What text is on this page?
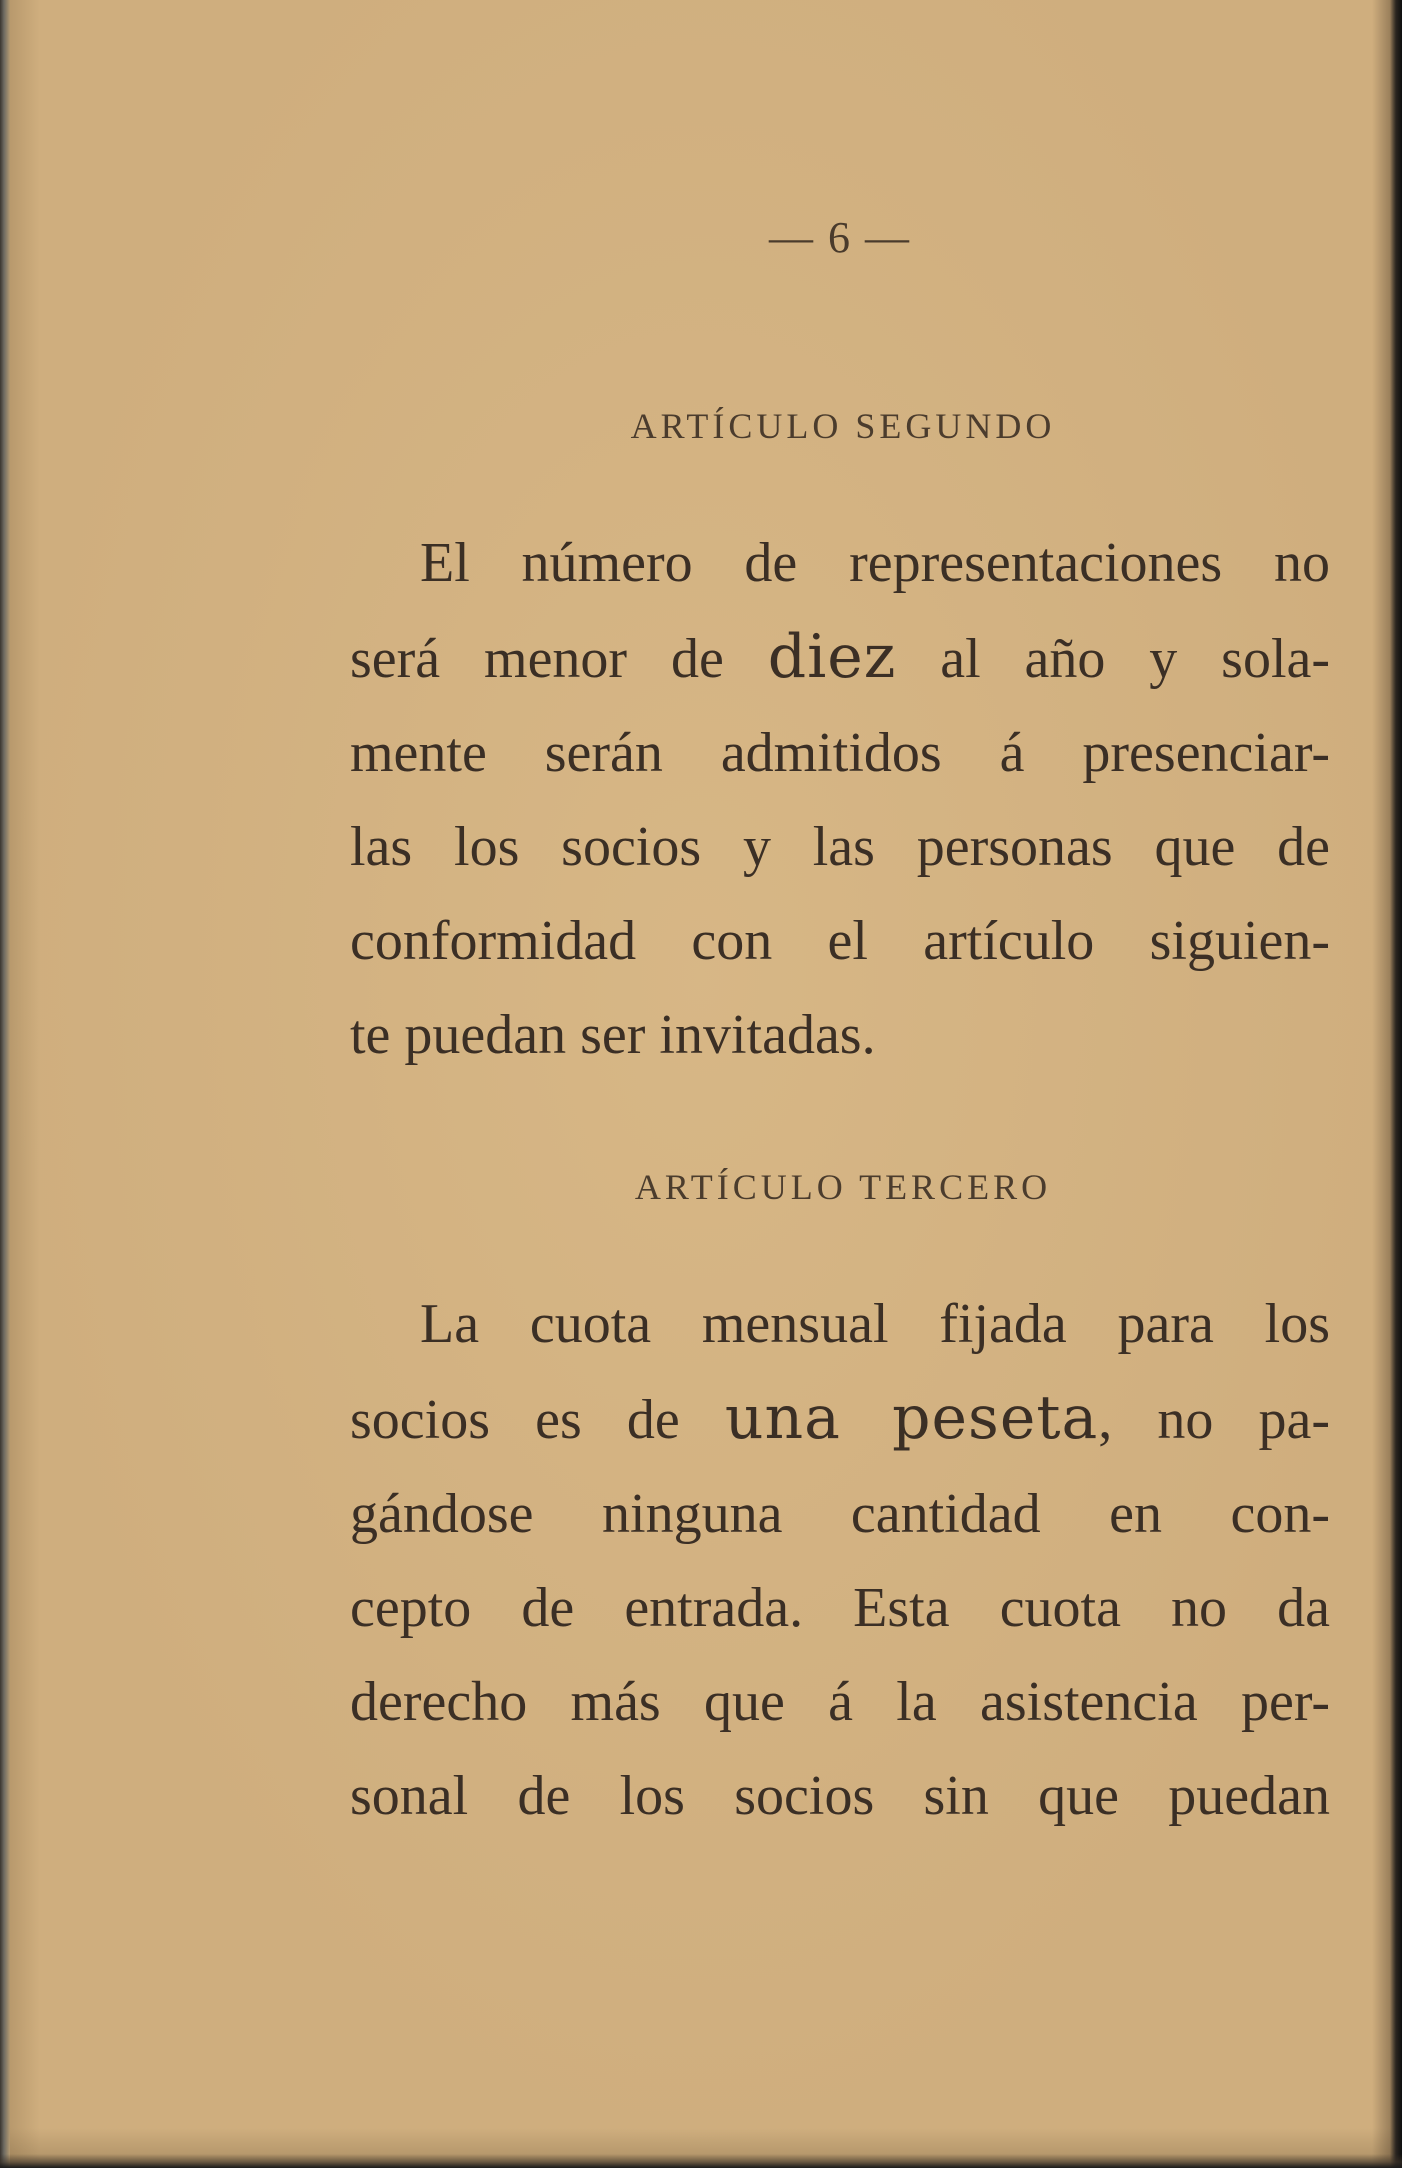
— 6 —
ARTÍCULO SEGUNDO
El número de representaciones no
será menor de diez al año y sola-
mente serán admitidos á presenciar-
las los socios y las personas que de
conformidad con el artículo siguien-
te puedan ser invitadas.
ARTÍCULO TERCERO
La cuota mensual fijada para los
socios es de una peseta, no pa-
gándose ninguna cantidad en con-
cepto de entrada. Esta cuota no da
derecho más que á la asistencia per-
sonal de los socios sin que puedan
